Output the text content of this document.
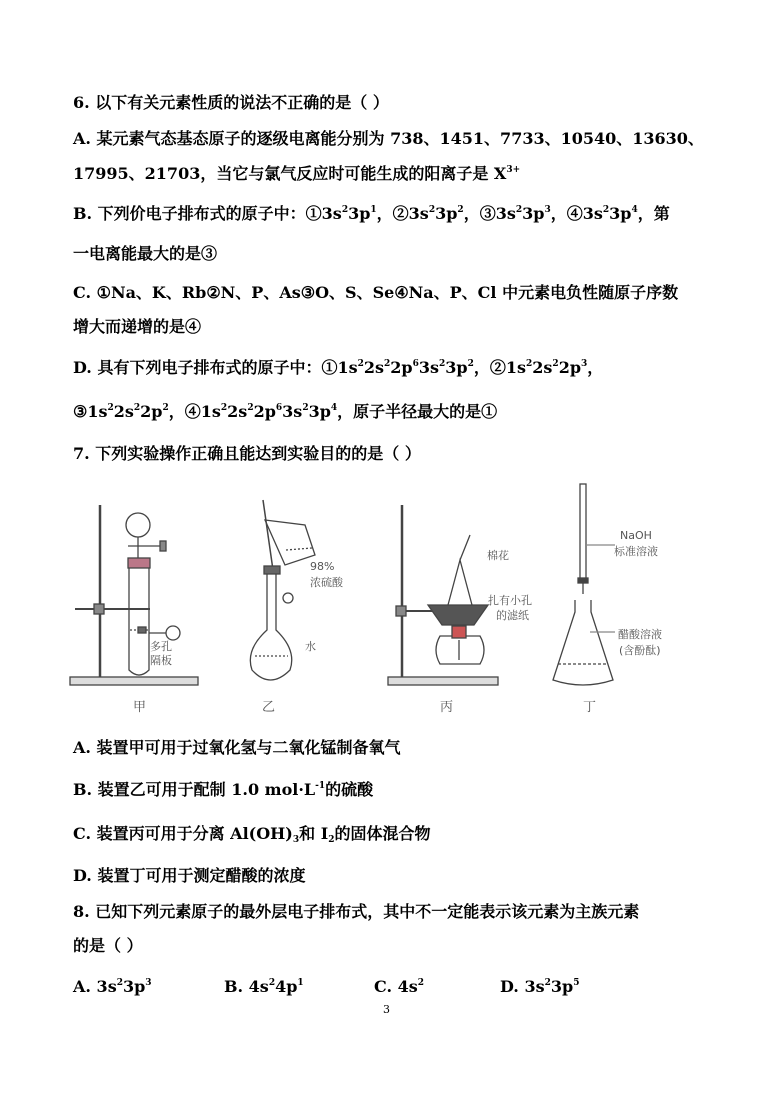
6. 以下有关元素性质的说法不正确的是（ ）
A. 某元素气态基态原子的逐级电离能分别为 738、1451、7733、10540、13630、
17995、21703，当它与氯气反应时可能生成的阳离子是 $X^{3+}$
B. 下列价电子排布式的原子中：$①3s^23p^1$，$②3s^23p^2$，$③3s^23p^3$，$④3s^23p^4$，第
一电离能最大的是③
C. ①Na、K、Rb②N、P、As③O、S、Se④Na、P、Cl 中元素电负性随原子序数
增大而递增的是④
D. 具有下列电子排布式的原子中：$①1s^22s^22p^63s^23p^2$，$②1s^22s^22p^3$，
$③1s^22s^22p^2$，$④1s^22s^22p^63s^23p^4$，原子半径最大的是①
7. 下列实验操作正确且能达到实验目的的是（ ）
多孔
隔板
98%
浓硫酸
水
棉花
扎有小孔
的滤纸
NaOH
标准溶液
醋酸溶液
(含酚酞)
甲	乙	丙	丁
A. 装置甲可用于过氧化氢与二氧化锰制备氧气
B. 装置乙可用于配制 1.0 $mol\cdot L^{-1}$的硫酸
C. 装置丙可用于分离 $Al(OH)_3$和 $I_2$的固体混合物
D. 装置丁可用于测定醋酸的浓度
8. 已知下列元素原子的最外层电子排布式，其中不一定能表示该元素为主族元素
的是（ ）
A. $3s^23p^3$	B. $4s^24p^1$	C. $4s^2$	D. $3s^23p^5$
3
